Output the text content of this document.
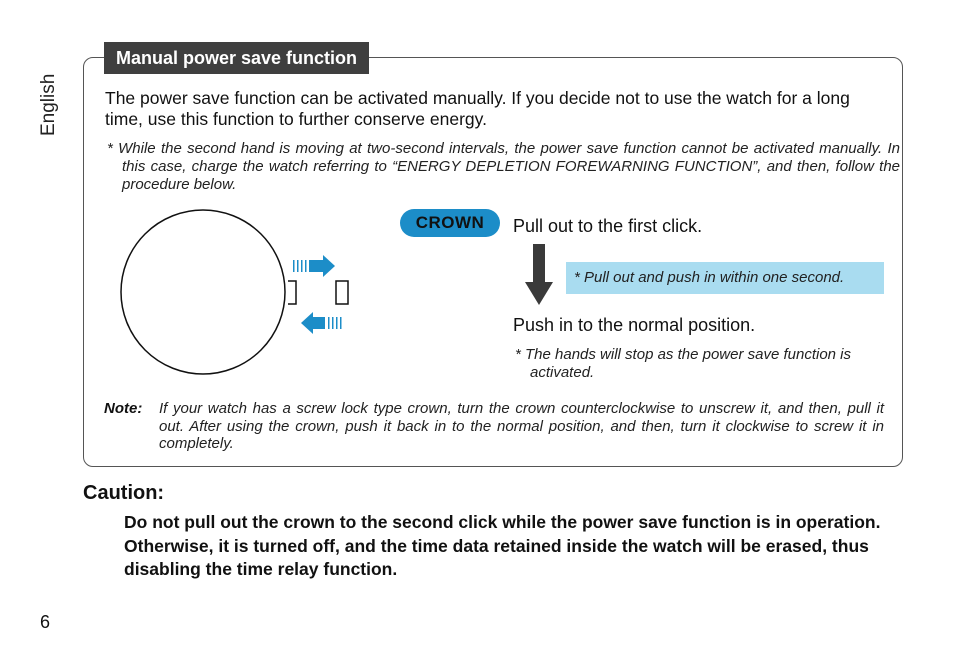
English
Manual power save function
The power save function can be activated manually. If you decide not to use the watch for a long time, use this function to further conserve energy.
* While the second hand is moving at two-second intervals, the power save function cannot be activated manually. In this case, charge the watch referring to “ENERGY DEPLETION FOREWARNING FUNCTION”, and then, follow the procedure below.
CROWN	Pull out to the first click.
* Pull out and push in within one second.
Push in to the normal position.
* The hands will stop as the power save function is activated.
Note: If your watch has a screw lock type crown, turn the crown counterclockwise to unscrew it, and then, pull it out. After using the crown, push it back in to the normal position, and then, turn it clockwise to screw it in completely.
Caution:
Do not pull out the crown to the second click while the power save function is in operation. Otherwise, it is turned off, and the time data retained inside the watch will be erased, thus disabling the time relay function.
6
